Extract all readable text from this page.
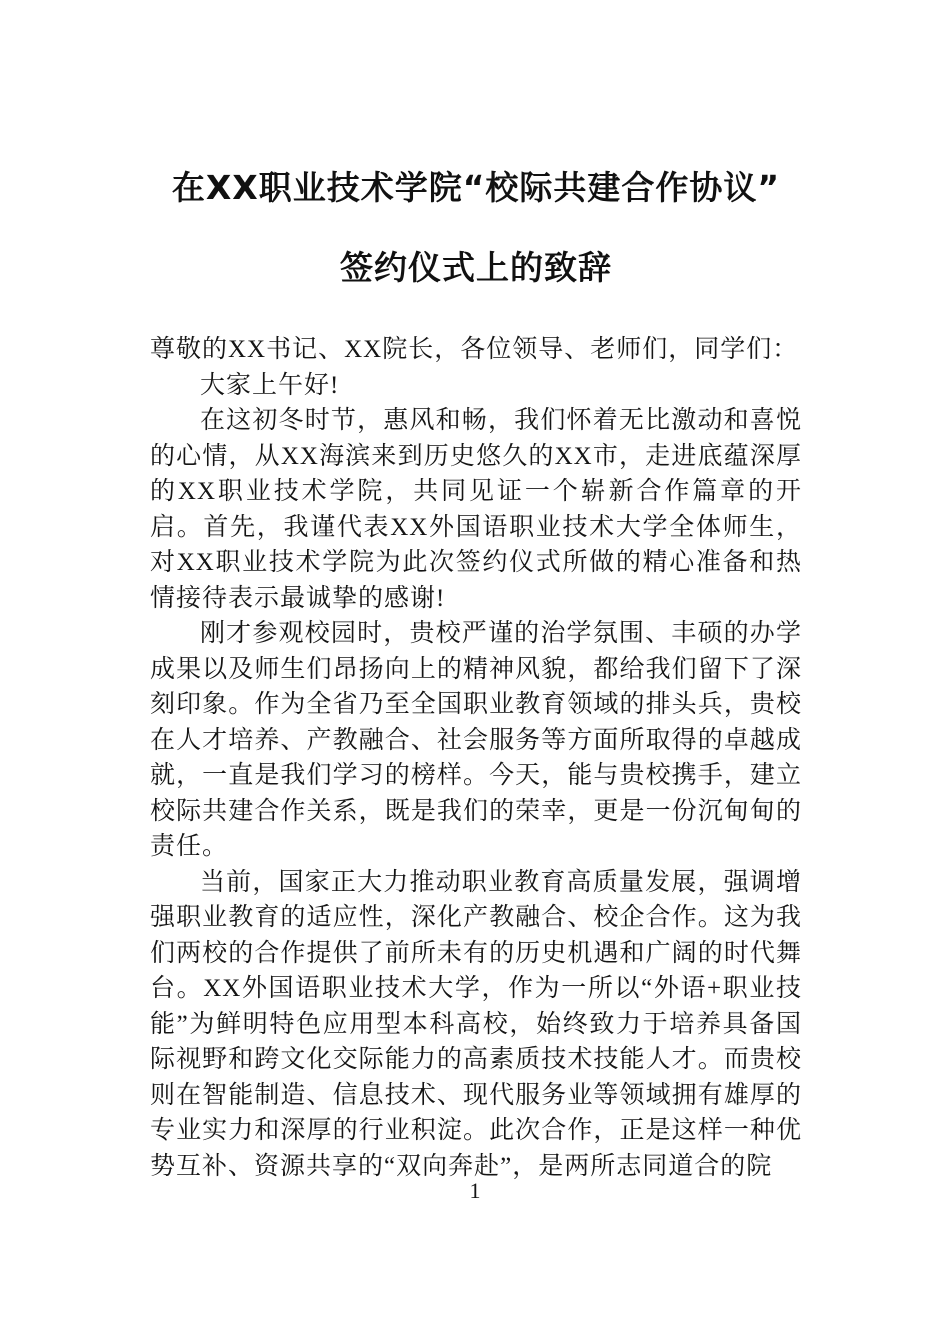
在XX职业技术学院“校际共建合作协议”
签约仪式上的致辞

尊敬的XX书记、XX院长，各位领导、老师们，同学们：

大家上午好!

在这初冬时节，惠风和畅，我们怀着无比激动和喜悦的心情，从XX海滨来到历史悠久的XX市，走进底蕴深厚的XX职业技术学院，共同见证一个崭新合作篇章的开启。首先，我谨代表XX外国语职业技术大学全体师生，对XX职业技术学院为此次签约仪式所做的精心准备和热情接待表示最诚挚的感谢!

刚才参观校园时，贵校严谨的治学氛围、丰硕的办学成果以及师生们昂扬向上的精神风貌，都给我们留下了深刻印象。作为全省乃至全国职业教育领域的排头兵，贵校在人才培养、产教融合、社会服务等方面所取得的卓越成就，一直是我们学习的榜样。今天，能与贵校携手，建立校际共建合作关系，既是我们的荣幸，更是一份沉甸甸的责任。

当前，国家正大力推动职业教育高质量发展，强调增强职业教育的适应性，深化产教融合、校企合作。这为我们两校的合作提供了前所未有的历史机遇和广阔的时代舞台。XX外国语职业技术大学，作为一所以“外语+职业技能”为鲜明特色应用型本科高校，始终致力于培养具备国际视野和跨文化交际能力的高素质技术技能人才。而贵校则在智能制造、信息技术、现代服务业等领域拥有雄厚的专业实力和深厚的行业积淀。此次合作，正是这样一种优势互补、资源共享的“双向奔赴”，是两所志同道合的院

1
